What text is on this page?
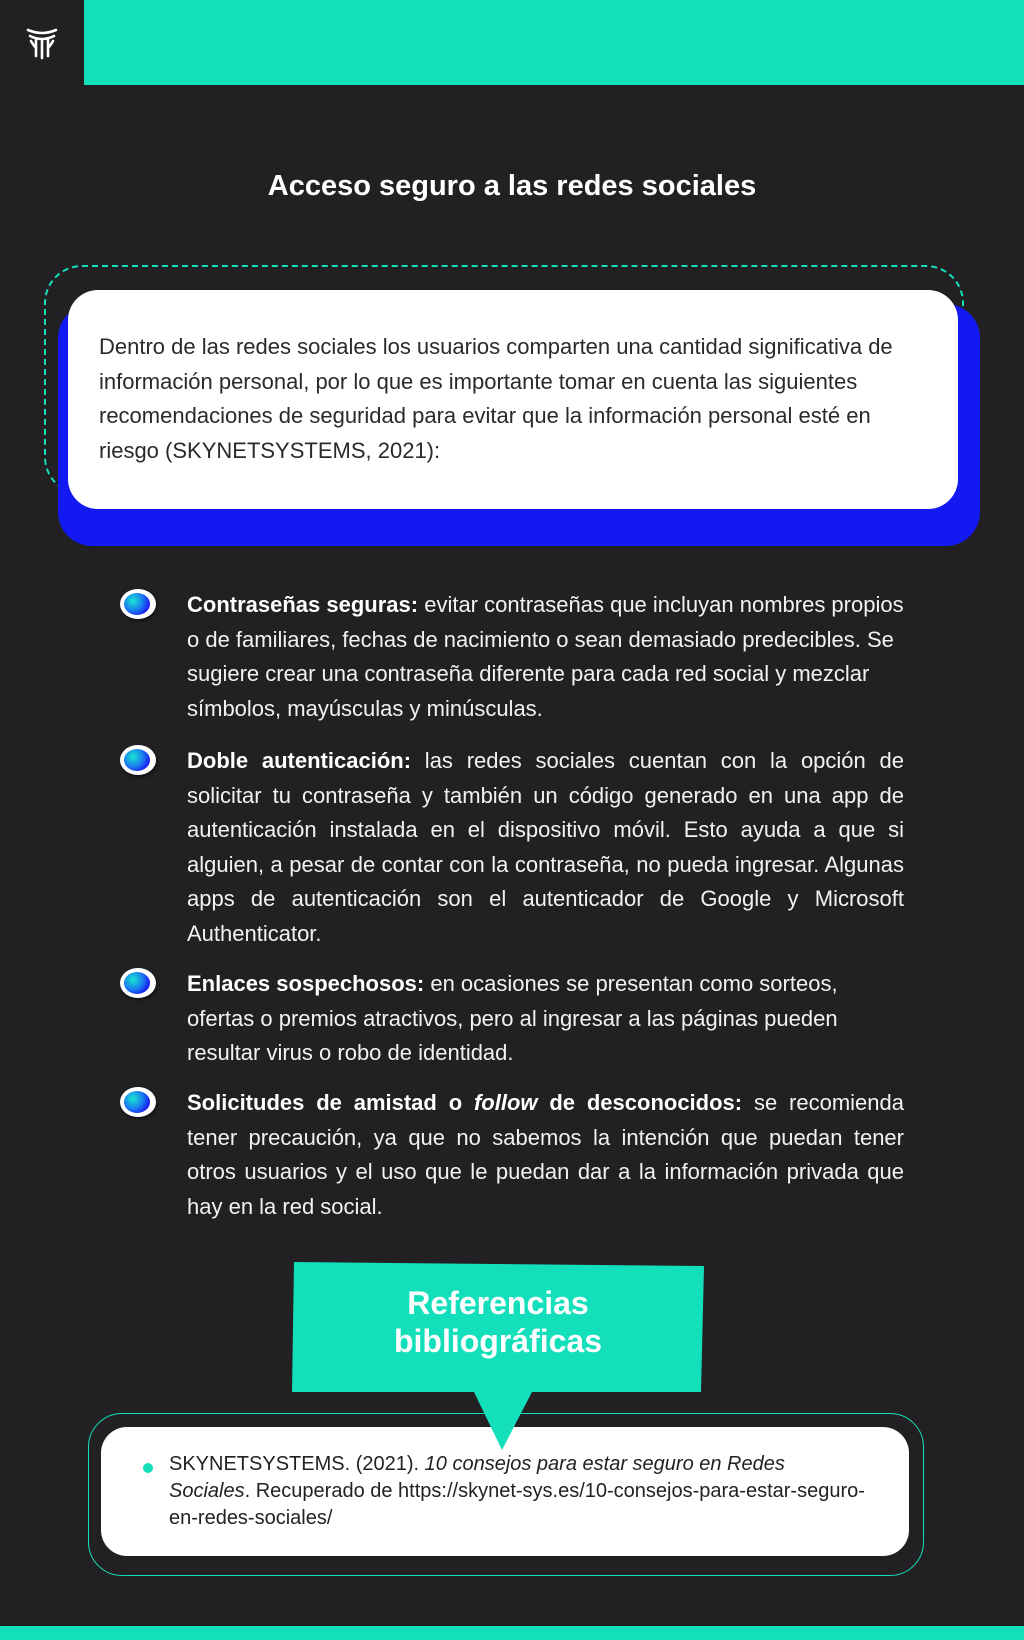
Acceso seguro a las redes sociales

Dentro de las redes sociales los usuarios comparten una cantidad significativa de información personal, por lo que es importante tomar en cuenta las siguientes recomendaciones de seguridad para evitar que la información personal esté en riesgo (SKYNETSYSTEMS, 2021):

Contraseñas seguras: evitar contraseñas que incluyan nombres propios o de familiares, fechas de nacimiento o sean demasiado predecibles. Se sugiere crear una contraseña diferente para cada red social y mezclar símbolos, mayúsculas y minúsculas.

Doble autenticación: las redes sociales cuentan con la opción de solicitar tu contraseña y también un código generado en una app de autenticación instalada en el dispositivo móvil. Esto ayuda a que si alguien, a pesar de contar con la contraseña, no pueda ingresar. Algunas apps de autenticación son el autenticador de Google y Microsoft Authenticator.

Enlaces sospechosos: en ocasiones se presentan como sorteos, ofertas o premios atractivos, pero al ingresar a las páginas pueden resultar virus o robo de identidad.

Solicitudes de amistad o follow de desconocidos: se recomienda tener precaución, ya que no sabemos la intención que puedan tener otros usuarios y el uso que le puedan dar a la información privada que hay en la red social.

SKYNETSYSTEMS. (2021). 10 consejos para estar seguro en Redes Sociales. Recuperado de https://skynet-sys.es/10-consejos-para-estar-seguro-en-redes-sociales/

Referencias
bibliográficas
